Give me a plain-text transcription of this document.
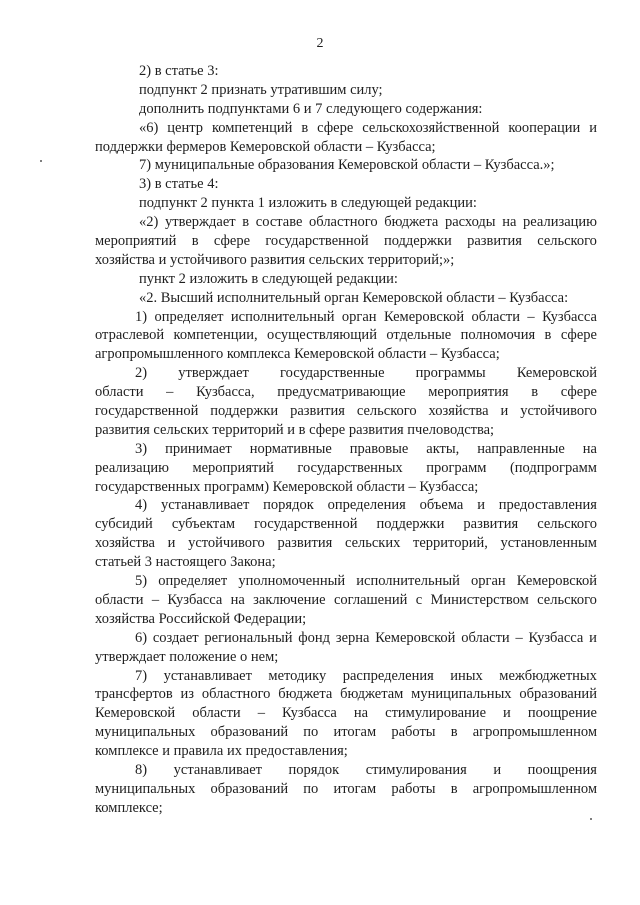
2
2) в статье 3:
подпункт 2 признать утратившим силу;
дополнить подпунктами 6 и 7 следующего содержания:
«6) центр компетенций в сфере сельскохозяйственной кооперации и
поддержки фермеров Кемеровской области – Кузбасса;
7) муниципальные образования Кемеровской области – Кузбасса.»;
3) в статье 4:
подпункт 2 пункта 1 изложить в следующей редакции:
«2) утверждает в составе областного бюджета расходы на реализацию
мероприятий в сфере государственной поддержки развития сельского
хозяйства и устойчивого развития сельских территорий;»;
пункт 2 изложить в следующей редакции:
«2. Высший исполнительный орган Кемеровской области – Кузбасса:
1) определяет исполнительный орган Кемеровской области – Кузбасса
отраслевой компетенции, осуществляющий отдельные полномочия в сфере
агропромышленного комплекса Кемеровской области – Кузбасса;
2) утверждает государственные программы Кемеровской
области – Кузбасса, предусматривающие мероприятия в сфере
государственной поддержки развития сельского хозяйства и устойчивого
развития сельских территорий и в сфере развития пчеловодства;
3) принимает нормативные правовые акты, направленные на
реализацию мероприятий государственных программ (подпрограмм
государственных программ) Кемеровской области – Кузбасса;
4) устанавливает порядок определения объема и предоставления
субсидий субъектам государственной поддержки развития сельского
хозяйства и устойчивого развития сельских территорий, установленным
статьей 3 настоящего Закона;
5) определяет уполномоченный исполнительный орган Кемеровской
области – Кузбасса на заключение соглашений с Министерством сельского
хозяйства Российской Федерации;
6) создает региональный фонд зерна Кемеровской области – Кузбасса и
утверждает положение о нем;
7) устанавливает методику распределения иных межбюджетных
трансфертов из областного бюджета бюджетам муниципальных образований
Кемеровской области – Кузбасса на стимулирование и поощрение
муниципальных образований по итогам работы в агропромышленном
комплексе и правила их предоставления;
8) устанавливает порядок стимулирования и поощрения
муниципальных образований по итогам работы в агропромышленном
комплексе;
